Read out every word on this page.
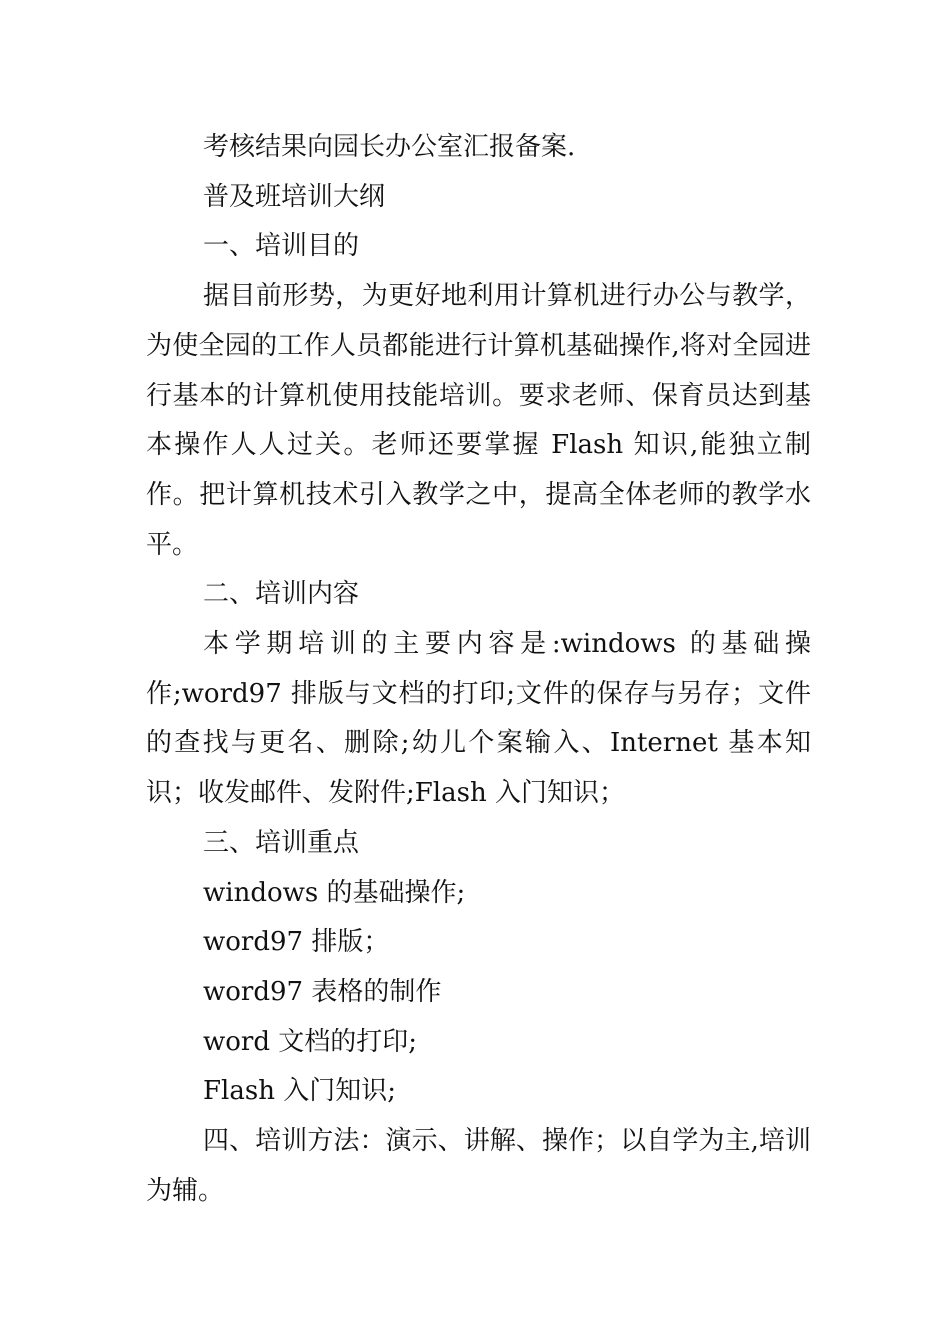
考核结果向园长办公室汇报备案.

普及班培训大纲

一、培训目的

据目前形势，为更好地利用计算机进行办公与教学，为使全园的工作人员都能进行计算机基础操作,将对全园进行基本的计算机使用技能培训。要求老师、保育员达到基本操作人人过关。老师还要掌握 Flash 知识,能独立制作。把计算机技术引入教学之中，提高全体老师的教学水平。

二、培训内容

本学期培训的主要内容是:windows 的基础操作;word97 排版与文档的打印;文件的保存与另存；文件的查找与更名、删除;幼儿个案输入、Internet 基本知识；收发邮件、发附件;Flash 入门知识；

三、培训重点

windows 的基础操作;

word97 排版；

word97 表格的制作

word 文档的打印;

Flash 入门知识;

四、培训方法：演示、讲解、操作；以自学为主,培训为辅。
